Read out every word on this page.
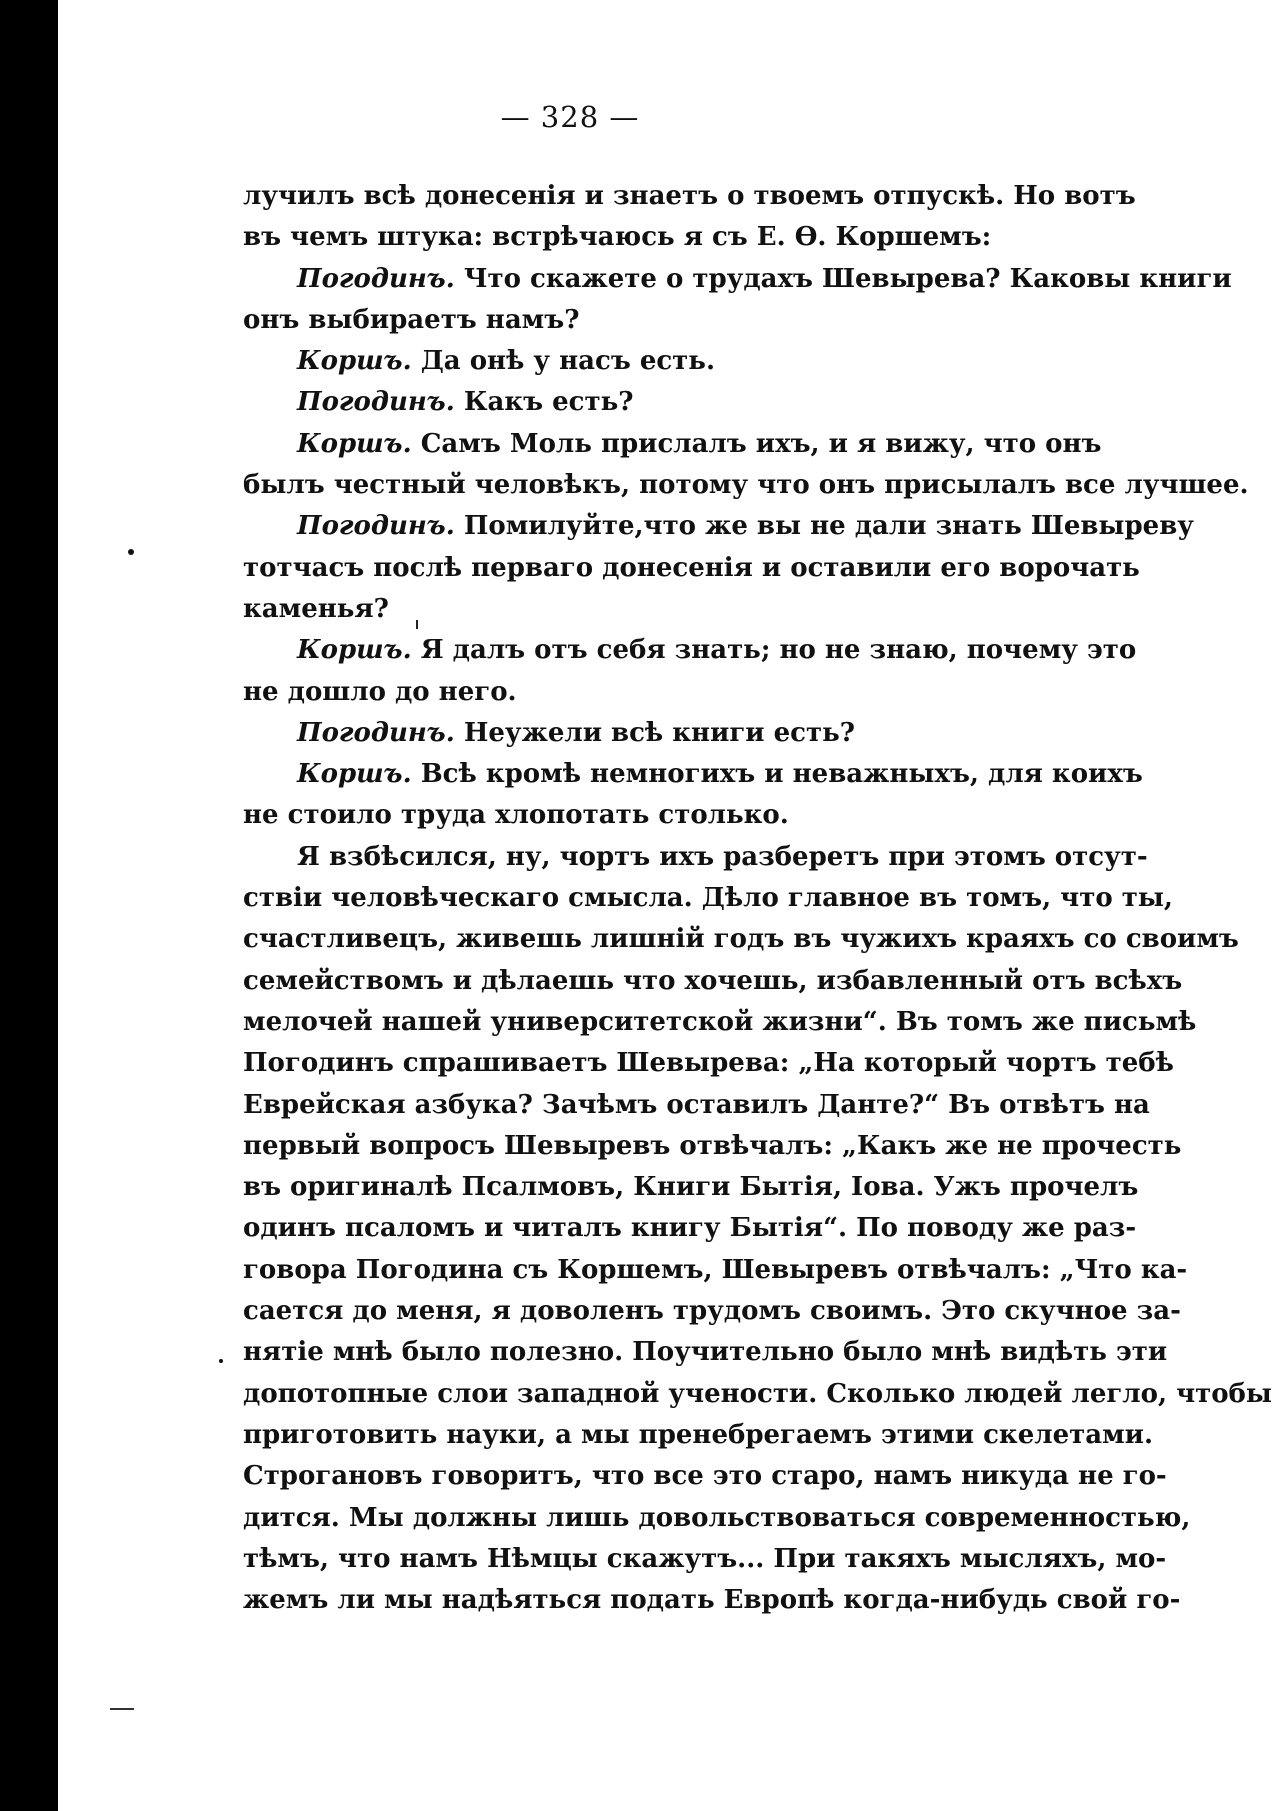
— 328 —
лучилъ всѣ донесенія и знаетъ о твоемъ отпускѣ. Но вотъ
въ чемъ штука: встрѣчаюсь я съ Е. Ѳ. Коршемъ:
Погодинъ. Что скажете о трудахъ Шевырева? Каковы книги
онъ выбираетъ намъ?
Коршъ. Да онѣ у насъ есть.
Погодинъ. Какъ есть?
Коршъ. Самъ Моль прислалъ ихъ, и я вижу, что онъ
былъ честный человѣкъ, потому что онъ присылалъ все лучшее.
Погодинъ. Помилуйте,что же вы не дали знать Шевыреву
тотчасъ послѣ перваго донесенія и оставили его ворочать
каменья?
Коршъ. Я далъ отъ себя знать; но не знаю, почему это
не дошло до него.
Погодинъ. Неужели всѣ книги есть?
Коршъ. Всѣ кромѣ немногихъ и неважныхъ, для коихъ
не стоило труда хлопотать столько.
Я взбѣсился, ну, чортъ ихъ разберетъ при этомъ отсут-
ствіи человѣческаго смысла. Дѣло главное въ томъ, что ты,
счастливецъ, живешь лишній годъ въ чужихъ краяхъ со своимъ
семействомъ и дѣлаешь что хочешь, избавленный отъ всѣхъ
мелочей нашей университетской жизни“. Въ томъ же письмѣ
Погодинъ спрашиваетъ Шевырева: „На который чортъ тебѣ
Еврейская азбука? Зачѣмъ оставилъ Данте?“ Въ отвѣтъ на
первый вопросъ Шевыревъ отвѣчалъ: „Какъ же не прочесть
въ оригиналѣ Псалмовъ, Книги Бытія, Іова. Ужъ прочелъ
одинъ псаломъ и читалъ книгу Бытія“. По поводу же раз-
говора Погодина съ Коршемъ, Шевыревъ отвѣчалъ: „Что ка-
сается до меня, я доволенъ трудомъ своимъ. Это скучное за-
нятіе мнѣ было полезно. Поучительно было мнѣ видѣть эти
допотопные слои западной учености. Сколько людей легло, чтобы
приготовить науки, а мы пренебрегаемъ этими скелетами.
Строгановъ говоритъ, что все это старо, намъ никуда не го-
дится. Мы должны лишь довольствоваться современностью,
тѣмъ, что намъ Нѣмцы скажутъ... При такяхъ мысляхъ, мо-
жемъ ли мы надѣяться подать Европѣ когда-нибудь свой го-
